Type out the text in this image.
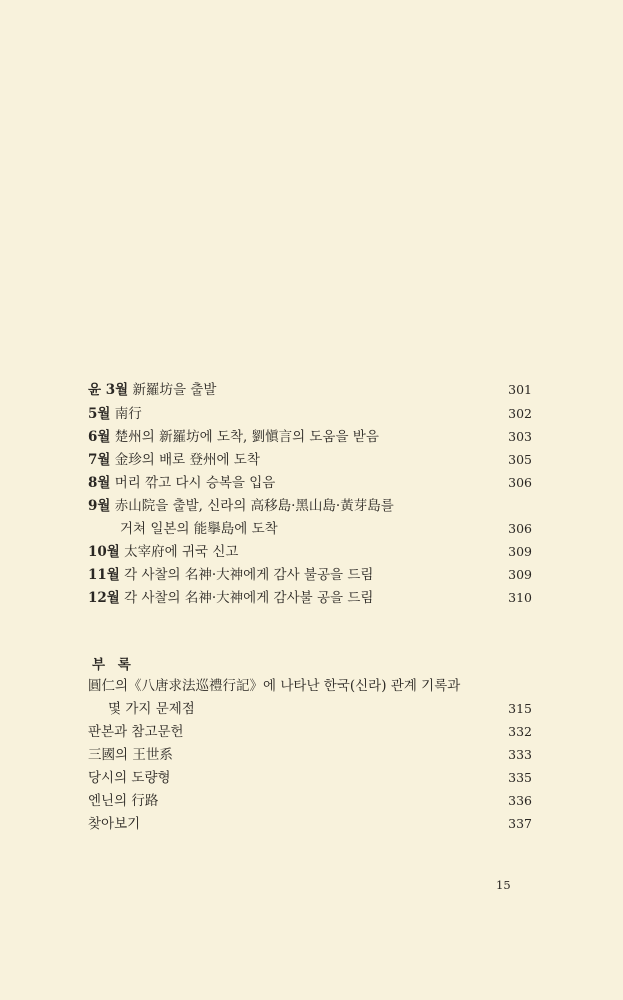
윤 3월 新羅坊을 출발	301
5월 南行	302
6월 楚州의 新羅坊에 도착, 劉愼言의 도움을 받음	303
7월 金珍의 배로 登州에 도착	305
8월 머리 깎고 다시 승복을 입음	306
9월 赤山院을 출발, 신라의 高移島·黑山島·黃芽島를
거쳐 일본의 能擧島에 도착	306
10월 太宰府에 귀국 신고	309
11월 각 사찰의 名神·大神에게 감사 불공을 드림	309
12월 각 사찰의 名神·大神에게 감사불 공을 드림	310
부 록
圓仁의《八唐求法巡禮行記》에 나타난 한국(신라) 관계 기록과
몇 가지 문제점	315
판본과 참고문헌	332
三國의 王世系	333
당시의 도량형	335
엔닌의 行路	336
찾아보기	337
15
